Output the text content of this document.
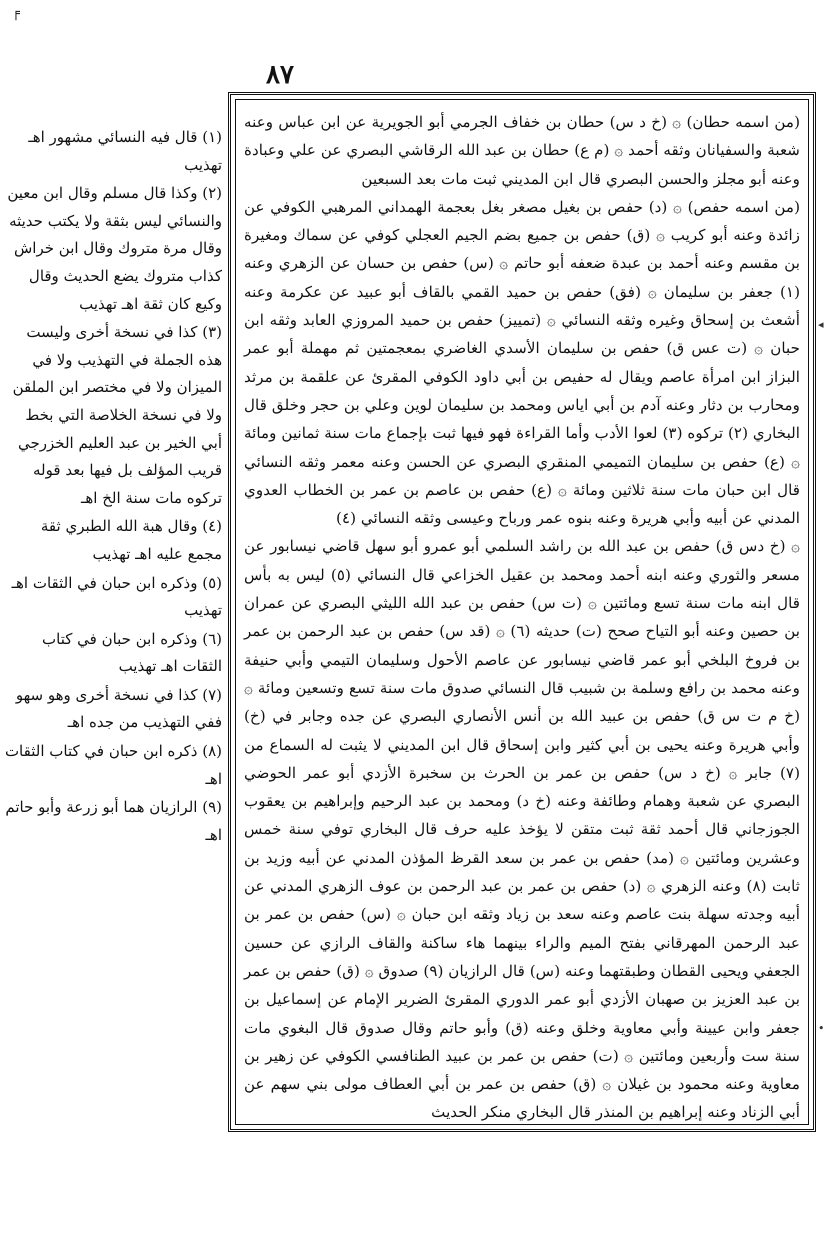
╒
٨٧

(من اسمه حطان) ۞ (خ د س) حطان بن خفاف الجرمي أبو الجويرية عن ابن عباس وعنه شعبة والسفيانان وثقه أحمد ۞ (م ع) حطان بن عبد الله الرقاشي البصري عن علي وعبادة وعنه أبو مجلز والحسن البصري قال ابن المديني ثبت مات بعد السبعين

(من اسمه حفص) ۞ (د) حفص بن بغيل مصغر بغل بعجمة الهمداني المرهبي الكوفي عن زائدة وعنه أبو كريب ۞ (ق) حفص بن جميع بضم الجيم العجلي كوفي عن سماك ومغيرة بن مقسم وعنه أحمد بن عبدة ضعفه أبو حاتم ۞ (س) حفص بن حسان عن الزهري وعنه (١) جعفر بن سليمان ۞ (فق) حفص بن حميد القمي بالقاف أبو عبيد عن عكرمة وعنه أشعث بن إسحاق وغيره وثقه النسائي ۞ (تمييز) حفص بن حميد المروزي العابد وثقه ابن حبان ۞ (ت عس ق) حفص بن سليمان الأسدي الغاضري بمعجمتين ثم مهملة أبو عمر البزاز ابن امرأة عاصم ويقال له حفيص بن أبي داود الكوفي المقرئ عن علقمة بن مرثد ومحارب بن دثار وعنه آدم بن أبي اياس ومحمد بن سليمان لوين وعلي بن حجر وخلق قال البخاري (٢) تركوه (٣) لعوا الأدب وأما القراءة فهو فيها ثبت بإجماع مات سنة ثمانين ومائة ۞ (ع) حفص بن سليمان التميمي المنقري البصري عن الحسن وعنه معمر وثقه النسائي قال ابن حبان مات سنة ثلاثين ومائة ۞ (ع) حفص بن عاصم بن عمر بن الخطاب العدوي المدني عن أبيه وأبي هريرة وعنه بنوه عمر ورباح وعيسى وثقه النسائي (٤)

۞ (خ دس ق) حفص بن عبد الله بن راشد السلمي أبو عمرو أبو سهل قاضي نيسابور عن مسعر والثوري وعنه ابنه أحمد ومحمد بن عقيل الخزاعي قال النسائي (٥) ليس به بأس قال ابنه مات سنة تسع ومائتين ۞ (ت س) حفص بن عبد الله الليثي البصري عن عمران بن حصين وعنه أبو التياح صحح (ت) حديثه (٦) ۞ (قد س) حفص بن عبد الرحمن بن عمر بن فروخ البلخي أبو عمر قاضي نيسابور عن عاصم الأحول وسليمان التيمي وأبي حنيفة وعنه محمد بن رافع وسلمة بن شبيب قال النسائي صدوق مات سنة تسع وتسعين ومائة ۞ (خ م ت س ق) حفص بن عبيد الله بن أنس الأنصاري البصري عن جده وجابر في (خ) وأبي هريرة وعنه يحيى بن أبي كثير وابن إسحاق قال ابن المديني لا يثبت له السماع من (٧) جابر ۞ (خ د س) حفص بن عمر بن الحرث بن سخبرة الأزدي أبو عمر الحوضي البصري عن شعبة وهمام وطائفة وعنه (خ د) ومحمد بن عبد الرحيم وإبراهيم بن يعقوب الجوزجاني قال أحمد ثقة ثبت متقن لا يؤخذ عليه حرف قال البخاري توفي سنة خمس وعشرين ومائتين ۞ (مد) حفص بن عمر بن سعد القرظ المؤذن المدني عن أبيه وزيد بن ثابت (٨) وعنه الزهري ۞ (د) حفص بن عمر بن عبد الرحمن بن عوف الزهري المدني عن أبيه وجدته سهلة بنت عاصم وعنه سعد بن زياد وثقه ابن حبان ۞ (س) حفص بن عمر بن عبد الرحمن المهرقاني بفتح الميم والراء بينهما هاء ساكنة والقاف الرازي عن حسين الجعفي ويحيى القطان وطبقتهما وعنه (س) قال الرازيان (٩) صدوق ۞ (ق) حفص بن عمر بن عبد العزيز بن صهبان الأزدي أبو عمر الدوري المقرئ الضرير الإمام عن إسماعيل بن جعفر وابن عيينة وأبي معاوية وخلق وعنه (ق) وأبو حاتم وقال صدوق قال البغوي مات سنة ست وأربعين ومائتين ۞ (ت) حفص بن عمر بن عبيد الطنافسي الكوفي عن زهير بن معاوية وعنه محمود بن غيلان ۞ (ق) حفص بن عمر بن أبي العطاف مولى بني سهم عن أبي الزناد وعنه إبراهيم بن المنذر قال البخاري منكر الحديث

(١) قال فيه النسائي مشهور اهـ تهذيب

(٢) وكذا قال مسلم وقال ابن معين والنسائي ليس بثقة ولا يكتب حديثه وقال مرة متروك وقال ابن خراش كذاب متروك يضع الحديث وقال وكيع كان ثقة اهـ تهذيب

(٣) كذا في نسخة أخرى وليست هذه الجملة في التهذيب ولا في الميزان ولا في مختصر ابن الملقن ولا في نسخة الخلاصة التي بخط أبي الخير بن عبد العليم الخزرجي قريب المؤلف بل فيها بعد قوله تركوه مات سنة الخ اهـ

(٤) وقال هبة الله الطبري ثقة مجمع عليه اهـ تهذيب

(٥) وذكره ابن حبان في الثقات اهـ تهذيب

(٦) وذكره ابن حبان في كتاب الثقات اهـ تهذيب

(٧) كذا في نسخة أخرى وهو سهو ففي التهذيب من جده اهـ

(٨) ذكره ابن حبان في كتاب الثقات اهـ

(٩) الرازيان هما أبو زرعة وأبو حاتم اهـ

◂
•
